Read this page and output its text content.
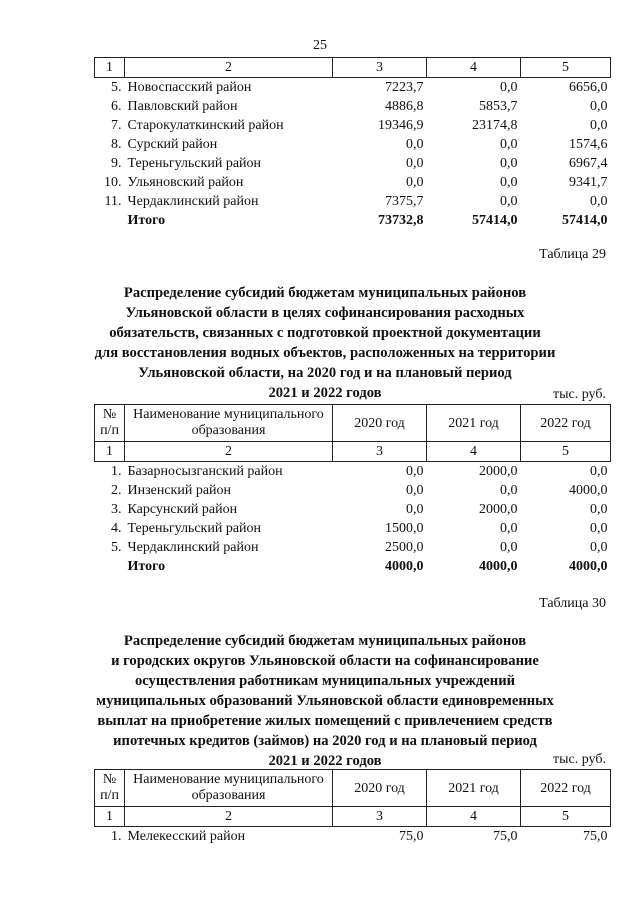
25
1	2	3	4	5
5.	Новоспасский район	7223,7	0,0	6656,0
6.	Павловский район	4886,8	5853,7	0,0
7.	Старокулаткинский район	19346,9	23174,8	0,0
8.	Сурский район	0,0	0,0	1574,6
9.	Тереньгульский район	0,0	0,0	6967,4
10.	Ульяновский район	0,0	0,0	9341,7
11.	Чердаклинский район	7375,7	0,0	0,0
	Итого	73732,8	57414,0	57414,0
Таблица 29
Распределение субсидий бюджетам муниципальных районов
Ульяновской области в целях софинансирования расходных
обязательств, связанных с подготовкой проектной документации
для восстановления водных объектов, расположенных на территории
Ульяновской области, на 2020 год и на плановый период
2021 и 2022 годов	тыс. руб.
№ п/п	Наименование муниципального образования	2020 год	2021 год	2022 год
1	2	3	4	5
1.	Базарносызганский район	0,0	2000,0	0,0
2.	Инзенский район	0,0	0,0	4000,0
3.	Карсунский район	0,0	2000,0	0,0
4.	Тереньгульский район	1500,0	0,0	0,0
5.	Чердаклинский район	2500,0	0,0	0,0
	Итого	4000,0	4000,0	4000,0
Таблица 30
Распределение субсидий бюджетам муниципальных районов
и городских округов Ульяновской области на софинансирование
осуществления работникам муниципальных учреждений
муниципальных образований Ульяновской области единовременных
выплат на приобретение жилых помещений с привлечением средств
ипотечных кредитов (займов) на 2020 год и на плановый период
2021 и 2022 годов	тыс. руб.
№ п/п	Наименование муниципального образования	2020 год	2021 год	2022 год
1	2	3	4	5
1.	Мелекесский район	75,0	75,0	75,0
